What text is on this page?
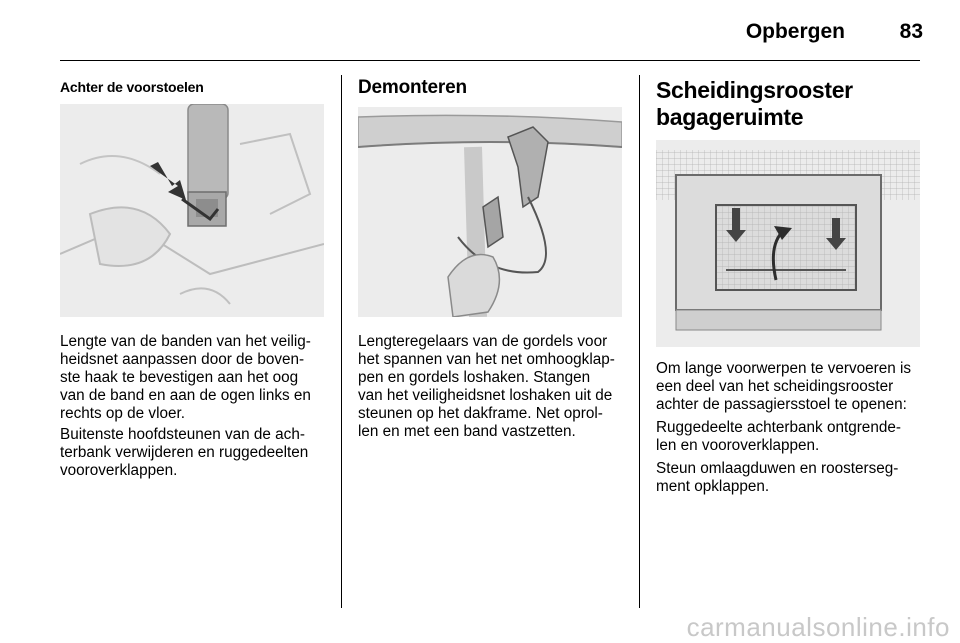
Opbergen	83
Achter de voorstoelen

Lengte van de banden van het veilig-
heidsnet aanpassen door de boven-
ste haak te bevestigen aan het oog
van de band en aan de ogen links en
rechts op de vloer.

Buitenste hoofdsteunen van de ach-
terbank verwijderen en ruggedeelten
vooroverklappen.

Demonteren

Lengteregelaars van de gordels voor
het spannen van het net omhoogklap-
pen en gordels loshaken. Stangen
van het veiligheidsnet loshaken uit de
steunen op het dakframe. Net oprol-
len en met een band vastzetten.

Scheidingsrooster
bagageruimte

Om lange voorwerpen te vervoeren is
een deel van het scheidingsrooster
achter de passagiersstoel te openen:

Ruggedeelte achterbank ontgrende-
len en vooroverklappen.

Steun omlaagduwen en roosterseg-
ment opklappen.

carmanualsonline.info
